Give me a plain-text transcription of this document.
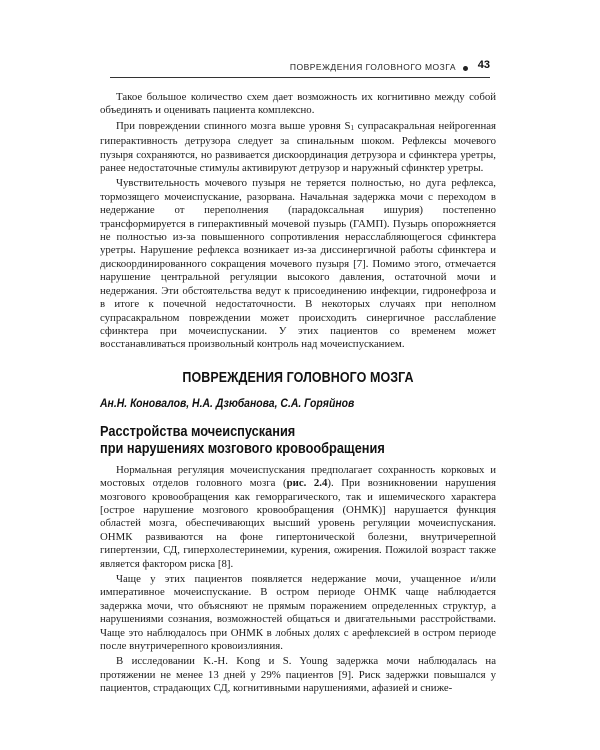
ПОВРЕЖДЕНИЯ ГОЛОВНОГО МОЗГА 43

Такое большое количество схем дает возможность их когнитивно между собой объединять и оценивать пациента комплексно.

При повреждении спинного мозга выше уровня S1 супрасакральная нейрогенная гиперактивность детрузора следует за спинальным шоком. Рефлексы мочевого пузыря сохраняются, но развивается дискоординация детрузора и сфинктера уретры, ранее недостаточные стимулы активируют детрузор и наружный сфинктер уретры.

Чувствительность мочевого пузыря не теряется полностью, но дуга рефлекса, тормозящего мочеиспускание, разорвана. Начальная задержка мочи с переходом в недержание от переполнения (парадоксальная ишурия) постепенно трансформируется в гиперактивный мочевой пузырь (ГАМП). Пузырь опорожняется не полностью из-за повышенного сопротивления нерасслабляющегося сфинктера уретры. Нарушение рефлекса возникает из-за диссинергичной работы сфинктера и дискоординированного сокращения мочевого пузыря [7]. Помимо этого, отмечается нарушение центральной регуляции высокого давления, остаточной мочи и недержания. Эти обстоятельства ведут к присоединению инфекции, гидронефроза и в итоге к почечной недостаточности. В некоторых случаях при неполном супрасакральном повреждении может происходить синергичное расслабление сфинктера при мочеиспускании. У этих пациентов со временем может восстанавливаться произвольный контроль над мочеиспусканием.

ПОВРЕЖДЕНИЯ ГОЛОВНОГО МОЗГА
Ан.Н. Коновалов, Н.А. Дзюбанова, С.А. Горяйнов
Расстройства мочеиспускания
при нарушениях мозгового кровообращения

Нормальная регуляция мочеиспускания предполагает сохранность корковых и мостовых отделов головного мозга (рис. 2.4). При возникновении нарушения мозгового кровообращения как геморрагического, так и ишемического характера [острое нарушение мозгового кровообращения (ОНМК)] нарушается функция областей мозга, обеспечивающих высший уровень регуляции мочеиспускания. ОНМК развиваются на фоне гипертонической болезни, внутричерепной гипертензии, СД, гиперхолестеринемии, курения, ожирения. Пожилой возраст также является фактором риска [8].

Чаще у этих пациентов появляется недержание мочи, учащенное и/или императивное мочеиспускание. В остром периоде ОНМК чаще наблюдается задержка мочи, что объясняют не прямым поражением определенных структур, а нарушениями сознания, возможностей общаться и двигательными расстройствами. Чаще это наблюдалось при ОНМК в лобных долях с арефлексией в остром периоде после внутричерепного кровоизлияния.

В исследовании K.-H. Kong и S. Young задержка мочи наблюдалась на протяжении не менее 13 дней у 29% пациентов [9]. Риск задержки повышался у пациентов, страдающих СД, когнитивными нарушениями, афазией и сниже-
